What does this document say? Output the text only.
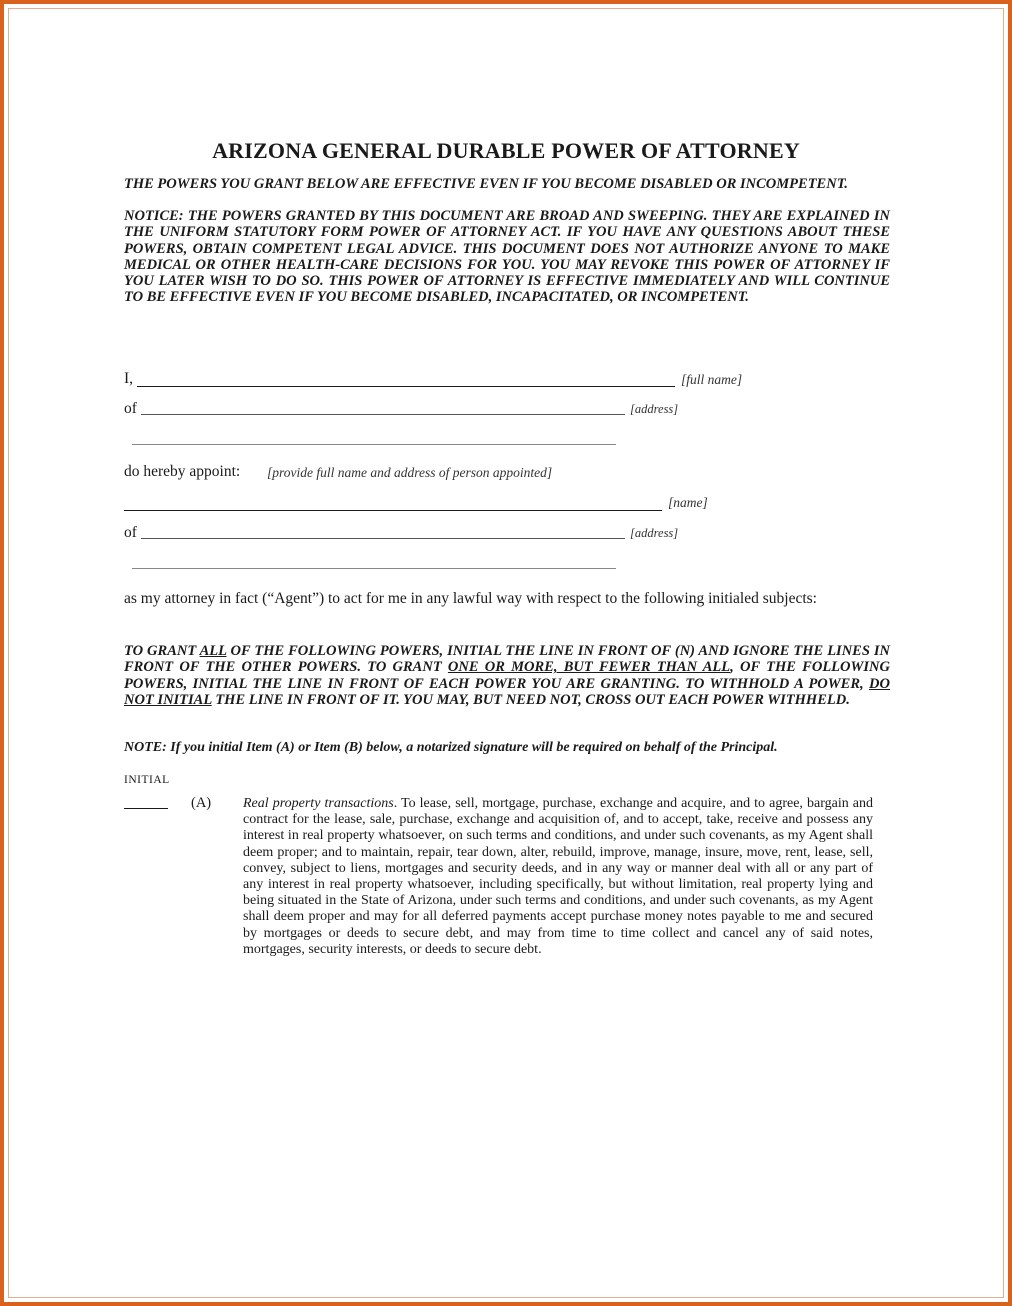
ARIZONA GENERAL DURABLE POWER OF ATTORNEY
THE POWERS YOU GRANT BELOW ARE EFFECTIVE EVEN IF YOU BECOME DISABLED OR INCOMPETENT.
NOTICE: THE POWERS GRANTED BY THIS DOCUMENT ARE BROAD AND SWEEPING. THEY ARE EXPLAINED IN THE UNIFORM STATUTORY FORM POWER OF ATTORNEY ACT. IF YOU HAVE ANY QUESTIONS ABOUT THESE POWERS, OBTAIN COMPETENT LEGAL ADVICE. THIS DOCUMENT DOES NOT AUTHORIZE ANYONE TO MAKE MEDICAL OR OTHER HEALTH-CARE DECISIONS FOR YOU. YOU MAY REVOKE THIS POWER OF ATTORNEY IF YOU LATER WISH TO DO SO. THIS POWER OF ATTORNEY IS EFFECTIVE IMMEDIATELY AND WILL CONTINUE TO BE EFFECTIVE EVEN IF YOU BECOME DISABLED, INCAPACITATED, OR INCOMPETENT.
I,	[full name]
of	[address]
do hereby appoint: [provide full name and address of person appointed]
[name]
of	[address]
as my attorney in fact (“Agent”) to act for me in any lawful way with respect to the following initialed subjects:
TO GRANT ALL OF THE FOLLOWING POWERS, INITIAL THE LINE IN FRONT OF (N) AND IGNORE THE LINES IN FRONT OF THE OTHER POWERS. TO GRANT ONE OR MORE, BUT FEWER THAN ALL, OF THE FOLLOWING POWERS, INITIAL THE LINE IN FRONT OF EACH POWER YOU ARE GRANTING. TO WITHHOLD A POWER, DO NOT INITIAL THE LINE IN FRONT OF IT. YOU MAY, BUT NEED NOT, CROSS OUT EACH POWER WITHHELD.
NOTE: If you initial Item (A) or Item (B) below, a notarized signature will be required on behalf of the Principal.
INITIAL
(A) Real property transactions. To lease, sell, mortgage, purchase, exchange and acquire, and to agree, bargain and contract for the lease, sale, purchase, exchange and acquisition of, and to accept, take, receive and possess any interest in real property whatsoever, on such terms and conditions, and under such covenants, as my Agent shall deem proper; and to maintain, repair, tear down, alter, rebuild, improve, manage, insure, move, rent, lease, sell, convey, subject to liens, mortgages and security deeds, and in any way or manner deal with all or any part of any interest in real property whatsoever, including specifically, but without limitation, real property lying and being situated in the State of Arizona, under such terms and conditions, and under such covenants, as my Agent shall deem proper and may for all deferred payments accept purchase money notes payable to me and secured by mortgages or deeds to secure debt, and may from time to time collect and cancel any of said notes, mortgages, security interests, or deeds to secure debt.
